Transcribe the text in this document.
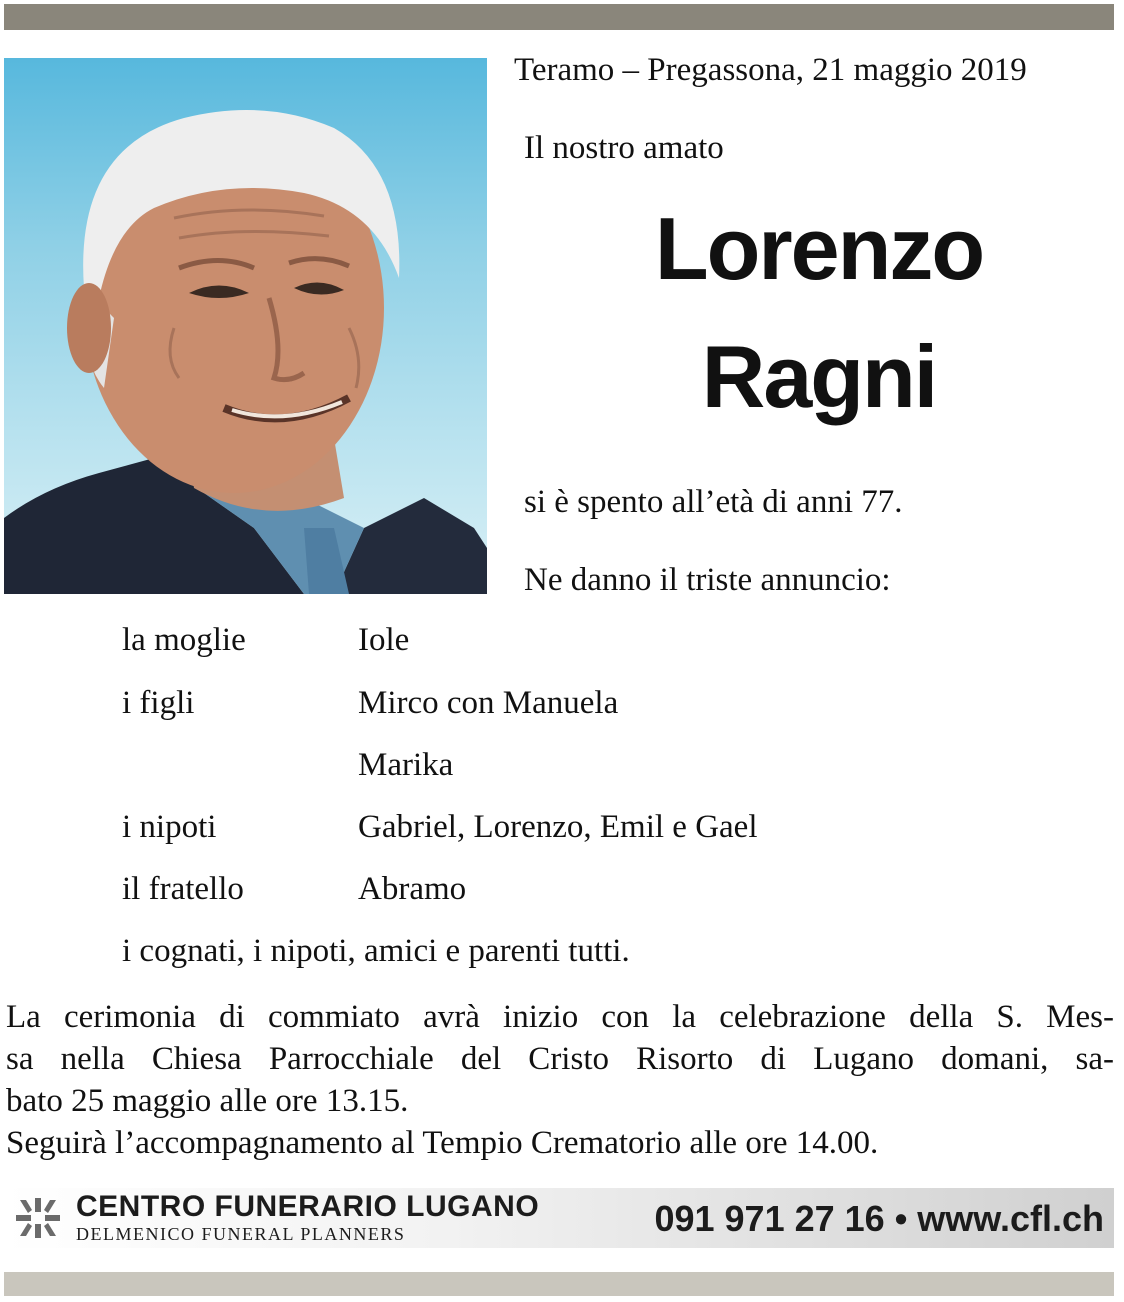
Teramo – Pregassona, 21 maggio 2019
Il nostro amato
Lorenzo
Ragni
si è spento all’età di anni 77.
Ne danno il triste annuncio:
la moglie	Iole
i figli	Mirco con Manuela
Marika
i nipoti	Gabriel, Lorenzo, Emil e Gael
il fratello	Abramo
i cognati, i nipoti, amici e parenti tutti.
La cerimonia di commiato avrà inizio con la celebrazione della S. Mes-
sa nella Chiesa Parrocchiale del Cristo Risorto di Lugano domani, sa-
bato 25 maggio alle ore 13.15.
Seguirà l’accompagnamento al Tempio Crematorio alle ore 14.00.
CENTRO FUNERARIO LUGANO
DELMENICO FUNERAL PLANNERS	091 971 27 16 • www.cfl.ch
